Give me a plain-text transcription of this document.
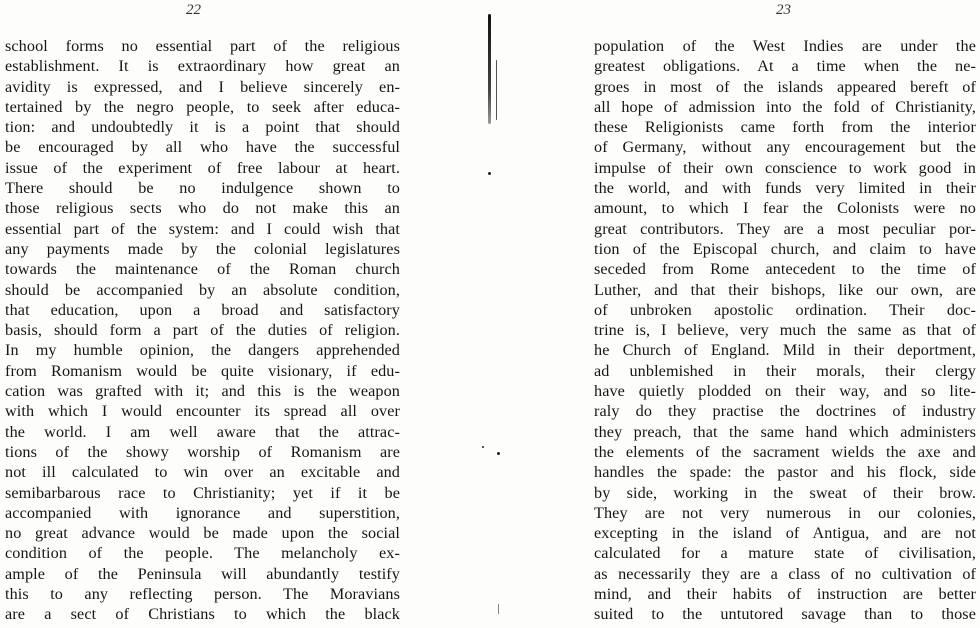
22	23
school forms no essential part of the religious
establishment. It is extraordinary how great an
avidity is expressed, and I believe sincerely en-
tertained by the negro people, to seek after educa-
tion: and undoubtedly it is a point that should
be encouraged by all who have the successful
issue of the experiment of free labour at heart.
There should be no indulgence shown to
those religious sects who do not make this an
essential part of the system: and I could wish that
any payments made by the colonial legislatures
towards the maintenance of the Roman church
should be accompanied by an absolute condition,
that education, upon a broad and satisfactory
basis, should form a part of the duties of religion.
In my humble opinion, the dangers apprehended
from Romanism would be quite visionary, if edu-
cation was grafted with it; and this is the weapon
with which I would encounter its spread all over
the world. I am well aware that the attrac-
tions of the showy worship of Romanism are
not ill calculated to win over an excitable and
semibarbarous race to Christianity; yet if it be
accompanied with ignorance and superstition,
no great advance would be made upon the social
condition of the people. The melancholy ex-
ample of the Peninsula will abundantly testify
this to any reflecting person. The Moravians
are a sect of Christians to which the black
population of the West Indies are under the
greatest obligations. At a time when the ne-
groes in most of the islands appeared bereft of
all hope of admission into the fold of Christianity,
these Religionists came forth from the interior
of Germany, without any encouragement but the
impulse of their own conscience to work good in
the world, and with funds very limited in their
amount, to which I fear the Colonists were no
great contributors. They are a most peculiar por-
tion of the Episcopal church, and claim to have
seceded from Rome antecedent to the time of
Luther, and that their bishops, like our own, are
of unbroken apostolic ordination. Their doc-
trine is, I believe, very much the same as that of
he Church of England. Mild in their deportment,
ad unblemished in their morals, their clergy
have quietly plodded on their way, and so lite-
raly do they practise the doctrines of industry
they preach, that the same hand which administers
the elements of the sacrament wields the axe and
handles the spade: the pastor and his flock, side
by side, working in the sweat of their brow.
They are not very numerous in our colonies,
excepting in the island of Antigua, and are not
calculated for a mature state of civilisation,
as necessarily they are a class of no cultivation of
mind, and their habits of instruction are better
suited to the untutored savage than to those
